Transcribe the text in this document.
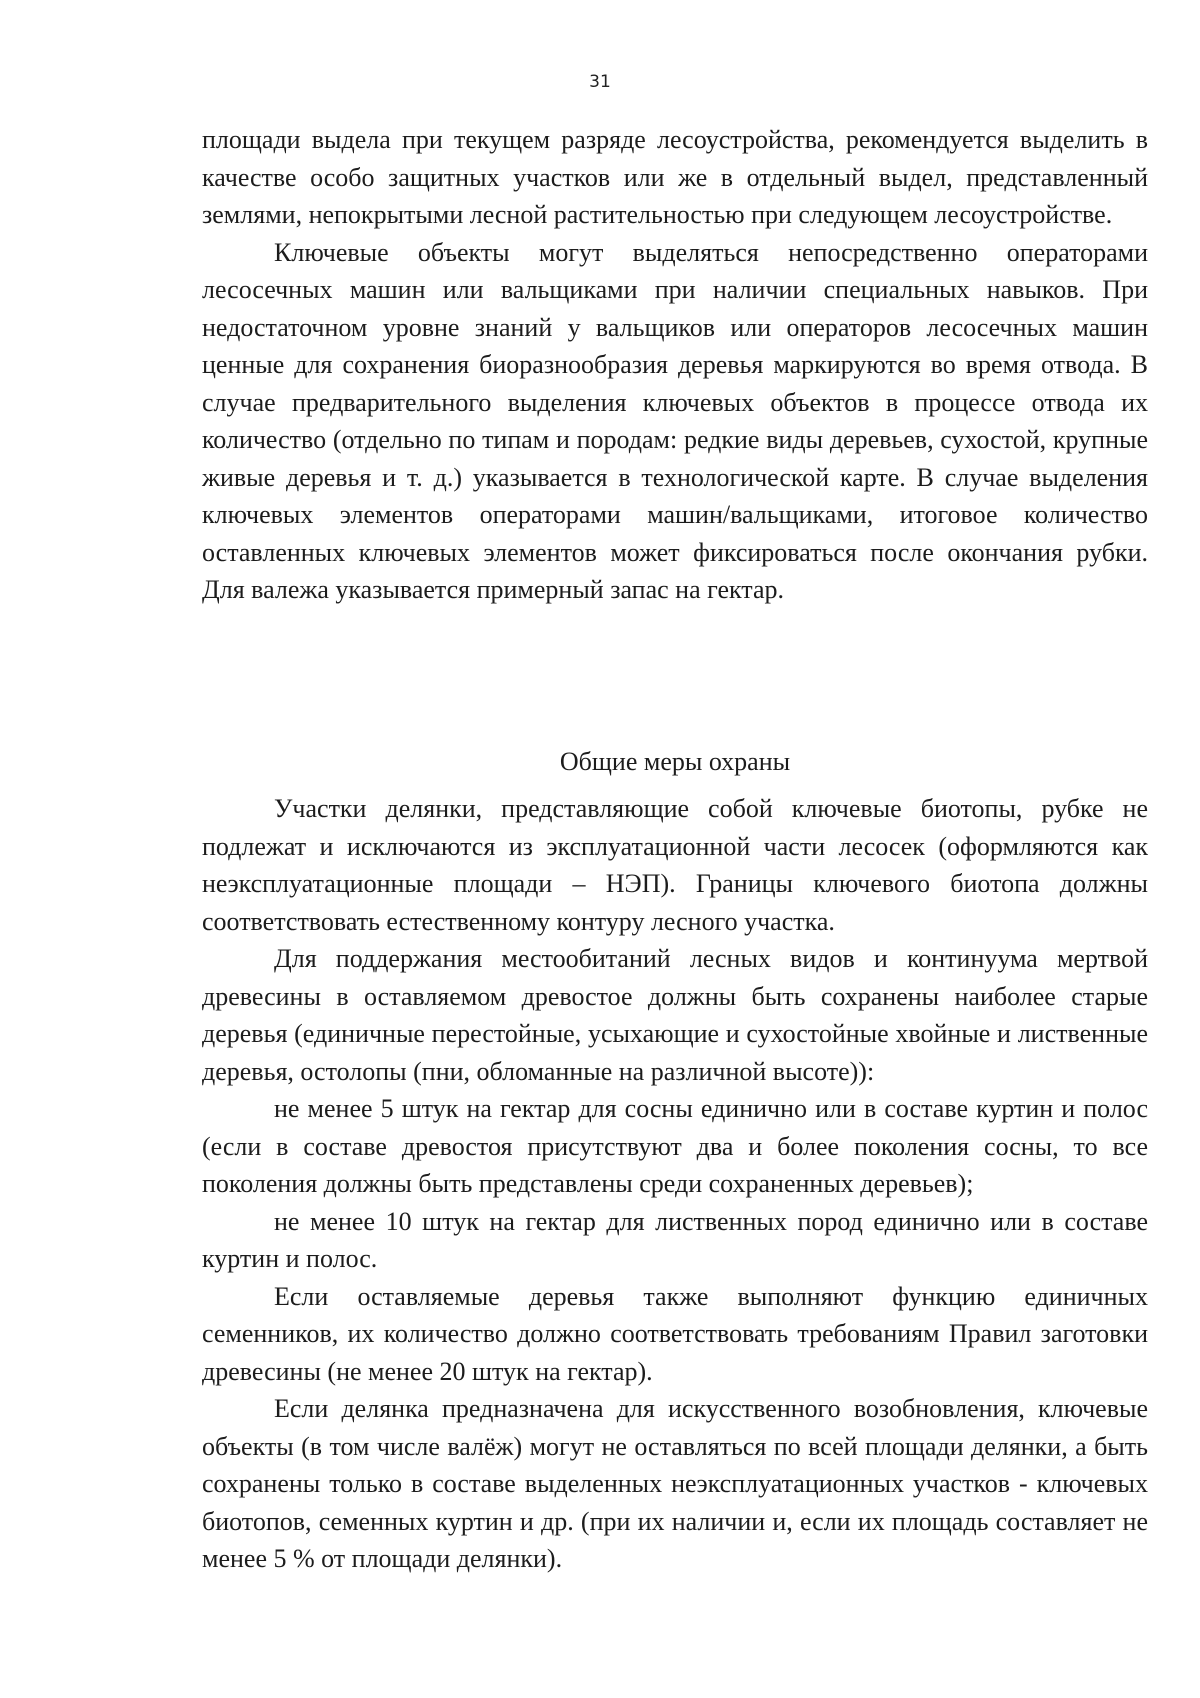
31

площади выдела при текущем разряде лесоустройства, рекомендуется выделить в качестве особо защитных участков или же в отдельный выдел, представленный землями, непокрытыми лесной растительностью при следующем лесоустройстве.

Ключевые объекты могут выделяться непосредственно операторами лесосечных машин или вальщиками при наличии специальных навыков. При недостаточном уровне знаний у вальщиков или операторов лесосечных машин ценные для сохранения биоразнообразия деревья маркируются во время отвода. В случае предварительного выделения ключевых объектов в процессе отвода их количество (отдельно по типам и породам: редкие виды деревьев, сухостой, крупные живые деревья и т. д.) указывается в технологической карте. В случае выделения ключевых элементов операторами машин/вальщиками, итоговое количество оставленных ключевых элементов может фиксироваться после окончания рубки. Для валежа указывается примерный запас на гектар.

Общие меры охраны

Участки делянки, представляющие собой ключевые биотопы, рубке не подлежат и исключаются из эксплуатационной части лесосек (оформляются как неэксплуатационные площади – НЭП). Границы ключевого биотопа должны соответствовать естественному контуру лесного участка.

Для поддержания местообитаний лесных видов и континуума мертвой древесины в оставляемом древостое должны быть сохранены наиболее старые деревья (единичные перестойные, усыхающие и сухостойные хвойные и лиственные деревья, остолопы (пни, обломанные на различной высоте)):

не менее 5 штук на гектар для сосны единично или в составе куртин и полос (если в составе древостоя присутствуют два и более поколения сосны, то все поколения должны быть представлены среди сохраненных деревьев);

не менее 10 штук на гектар для лиственных пород единично или в составе куртин и полос.

Если оставляемые деревья также выполняют функцию единичных семенников, их количество должно соответствовать требованиям Правил заготовки древесины (не менее 20 штук на гектар).

Если делянка предназначена для искусственного возобновления, ключевые объекты (в том числе валёж) могут не оставляться по всей площади делянки, а быть сохранены только в составе выделенных неэксплуатационных участков - ключевых биотопов, семенных куртин и др. (при их наличии и, если их площадь составляет не менее 5 % от площади делянки).
